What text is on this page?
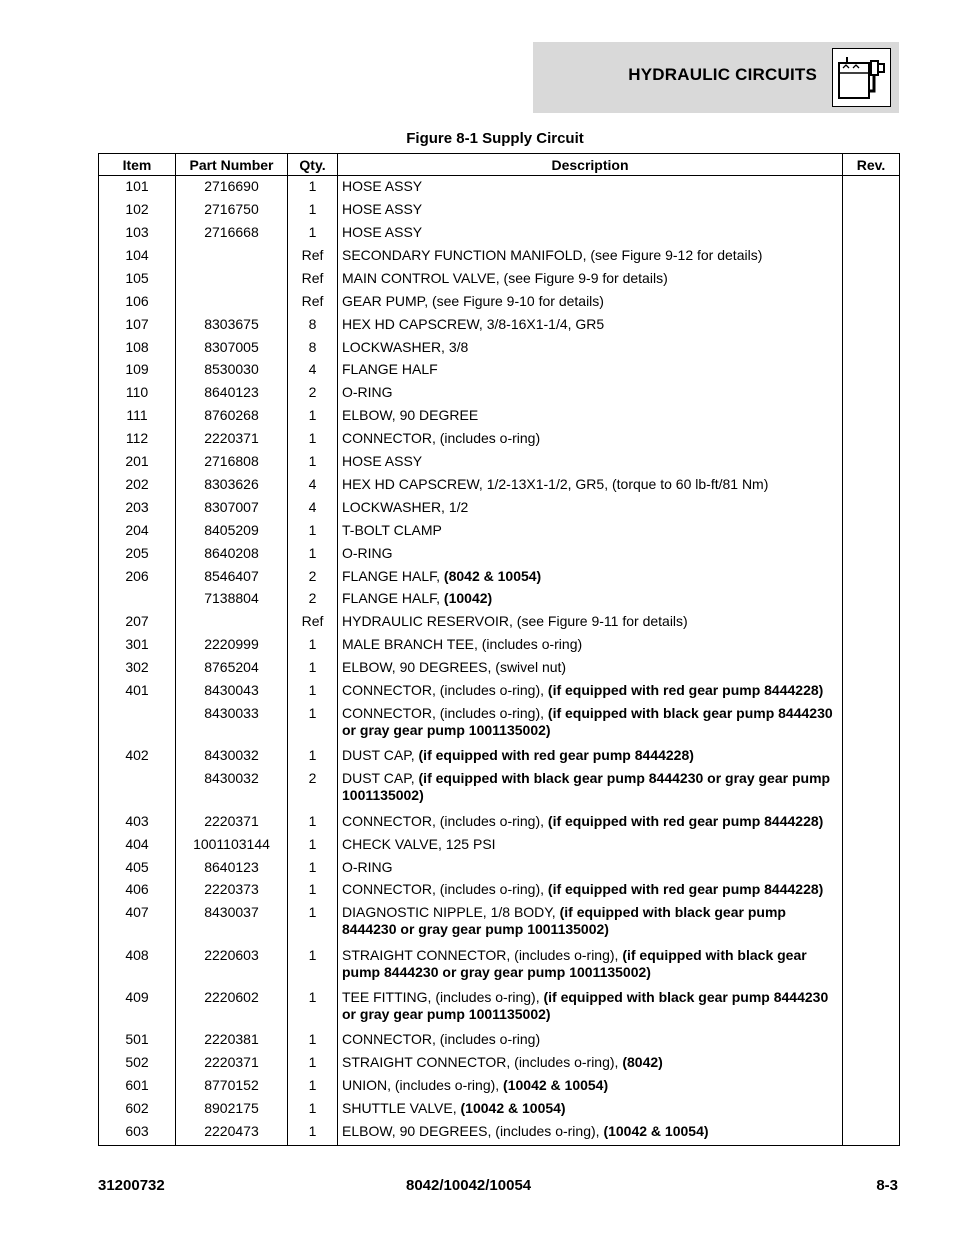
HYDRAULIC CIRCUITS
Figure 8-1 Supply Circuit
Item	Part Number	Qty.	Description	Rev.
101	2716690	1	HOSE ASSY	
102	2716750	1	HOSE ASSY	
103	2716668	1	HOSE ASSY	
104		Ref	SECONDARY FUNCTION MANIFOLD, (see Figure 9-12 for details)	
105		Ref	MAIN CONTROL VALVE, (see Figure 9-9 for details)	
106		Ref	GEAR PUMP, (see Figure 9-10 for details)	
107	8303675	8	HEX HD CAPSCREW, 3/8-16X1-1/4, GR5	
108	8307005	8	LOCKWASHER, 3/8	
109	8530030	4	FLANGE HALF	
110	8640123	2	O-RING	
111	8760268	1	ELBOW, 90 DEGREE	
112	2220371	1	CONNECTOR, (includes o-ring)	
201	2716808	1	HOSE ASSY	
202	8303626	4	HEX HD CAPSCREW, 1/2-13X1-1/2, GR5, (torque to 60 lb-ft/81 Nm)	
203	8307007	4	LOCKWASHER, 1/2	
204	8405209	1	T-BOLT CLAMP	
205	8640208	1	O-RING	
206	8546407	2	FLANGE HALF, (8042 & 10054)	
	7138804	2	FLANGE HALF, (10042)	
207		Ref	HYDRAULIC RESERVOIR, (see Figure 9-11 for details)	
301	2220999	1	MALE BRANCH TEE, (includes o-ring)	
302	8765204	1	ELBOW, 90 DEGREES, (swivel nut)	
401	8430043	1	CONNECTOR, (includes o-ring), (if equipped with red gear pump 8444228)	
	8430033	1	CONNECTOR, (includes o-ring), (if equipped with black gear pump 8444230 or gray gear pump 1001135002)	
402	8430032	1	DUST CAP, (if equipped with red gear pump 8444228)	
	8430032	2	DUST CAP, (if equipped with black gear pump 8444230 or gray gear pump 1001135002)	
403	2220371	1	CONNECTOR, (includes o-ring), (if equipped with red gear pump 8444228)	
404	1001103144	1	CHECK VALVE, 125 PSI	
405	8640123	1	O-RING	
406	2220373	1	CONNECTOR, (includes o-ring), (if equipped with red gear pump 8444228)	
407	8430037	1	DIAGNOSTIC NIPPLE, 1/8 BODY, (if equipped with black gear pump 8444230 or gray gear pump 1001135002)	
408	2220603	1	STRAIGHT CONNECTOR, (includes o-ring), (if equipped with black gear pump 8444230 or gray gear pump 1001135002)	
409	2220602	1	TEE FITTING, (includes o-ring), (if equipped with black gear pump 8444230 or gray gear pump 1001135002)	
501	2220381	1	CONNECTOR, (includes o-ring)	
502	2220371	1	STRAIGHT CONNECTOR, (includes o-ring), (8042)	
601	8770152	1	UNION, (includes o-ring), (10042 & 10054)	
602	8902175	1	SHUTTLE VALVE, (10042 & 10054)	
603	2220473	1	ELBOW, 90 DEGREES, (includes o-ring), (10042 & 10054)	

31200732	8042/10042/10054	8-3
